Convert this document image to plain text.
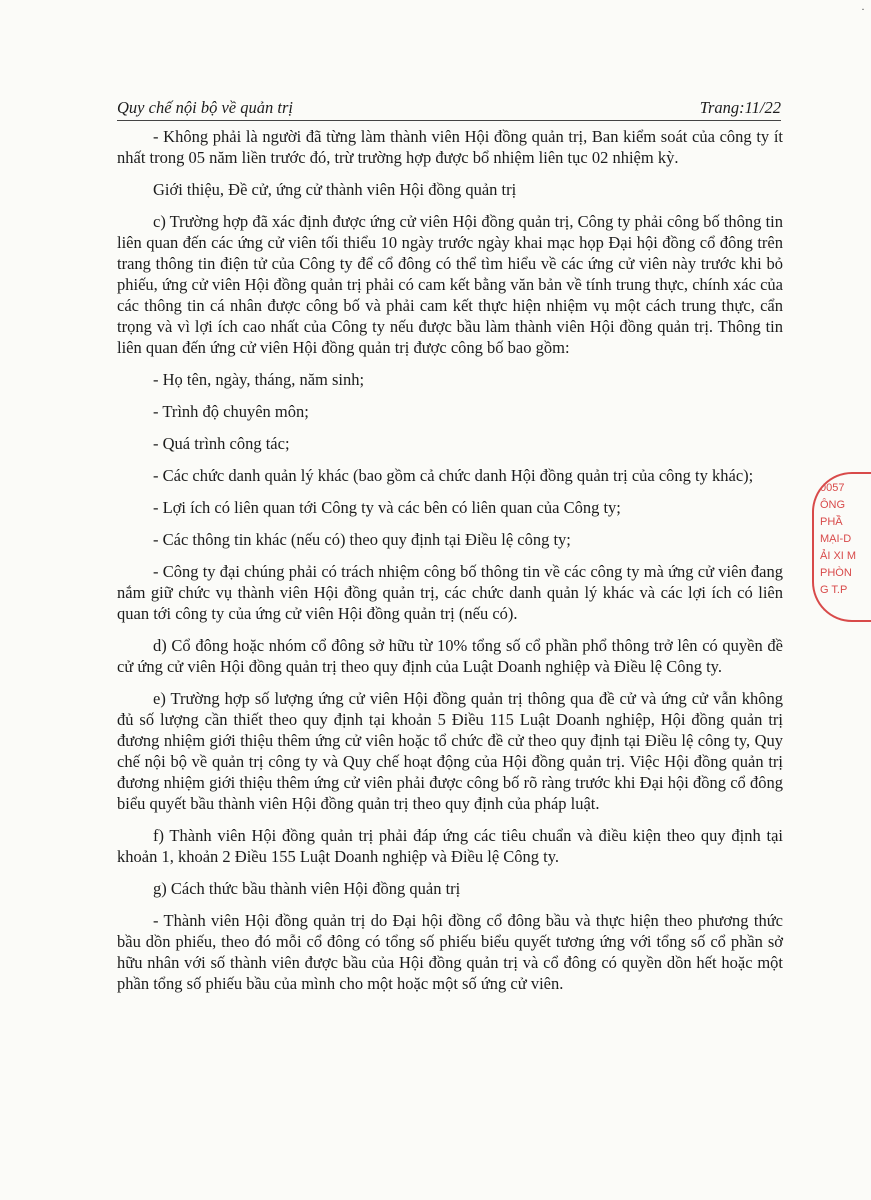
·
Quy chế nội bộ về quản trị	Trang:11/22

- Không phải là người đã từng làm thành viên Hội đồng quản trị, Ban kiểm soát của công ty ít nhất trong 05 năm liền trước đó, trừ trường hợp được bổ nhiệm liên tục 02 nhiệm kỳ.

Giới thiệu, Đề cử, ứng cử thành viên Hội đồng quản trị

c) Trường hợp đã xác định được ứng cử viên Hội đồng quản trị, Công ty phải công bố thông tin liên quan đến các ứng cử viên tối thiểu 10 ngày trước ngày khai mạc họp Đại hội đồng cổ đông trên trang thông tin điện tử của Công ty để cổ đông có thể tìm hiểu về các ứng cử viên này trước khi bỏ phiếu, ứng cử viên Hội đồng quản trị phải có cam kết bằng văn bản về tính trung thực, chính xác của các thông tin cá nhân được công bố và phải cam kết thực hiện nhiệm vụ một cách trung thực, cẩn trọng và vì lợi ích cao nhất của Công ty nếu được bầu làm thành viên Hội đồng quản trị. Thông tin liên quan đến ứng cử viên Hội đồng quản trị được công bố bao gồm:

- Họ tên, ngày, tháng, năm sinh;

- Trình độ chuyên môn;

- Quá trình công tác;

- Các chức danh quản lý khác (bao gồm cả chức danh Hội đồng quản trị của công ty khác);

- Lợi ích có liên quan tới Công ty và các bên có liên quan của Công ty;

- Các thông tin khác (nếu có) theo quy định tại Điều lệ công ty;

- Công ty đại chúng phải có trách nhiệm công bố thông tin về các công ty mà ứng cử viên đang nắm giữ chức vụ thành viên Hội đồng quản trị, các chức danh quản lý khác và các lợi ích có liên quan tới công ty của ứng cử viên Hội đồng quản trị (nếu có).

d) Cổ đông hoặc nhóm cổ đông sở hữu từ 10% tổng số cổ phần phổ thông trở lên có quyền đề cử ứng cử viên Hội đồng quản trị theo quy định của Luật Doanh nghiệp và Điều lệ Công ty.

e) Trường hợp số lượng ứng cử viên Hội đồng quản trị thông qua đề cử và ứng cử vẫn không đủ số lượng cần thiết theo quy định tại khoản 5 Điều 115 Luật Doanh nghiệp, Hội đồng quản trị đương nhiệm giới thiệu thêm ứng cử viên hoặc tổ chức đề cử theo quy định tại Điều lệ công ty, Quy chế nội bộ về quản trị công ty và Quy chế hoạt động của Hội đồng quản trị. Việc Hội đồng quản trị đương nhiệm giới thiệu thêm ứng cử viên phải được công bố rõ ràng trước khi Đại hội đồng cổ đông biểu quyết bầu thành viên Hội đồng quản trị theo quy định của pháp luật.

f) Thành viên Hội đồng quản trị phải đáp ứng các tiêu chuẩn và điều kiện theo quy định tại khoản 1, khoản 2 Điều 155 Luật Doanh nghiệp và Điều lệ Công ty.

g) Cách thức bầu thành viên Hội đồng quản trị

- Thành viên Hội đồng quản trị do Đại hội đồng cổ đông bầu và thực hiện theo phương thức bầu dồn phiếu, theo đó mỗi cổ đông có tổng số phiếu biểu quyết tương ứng với tổng số cổ phần sở hữu nhân với số thành viên được bầu của Hội đồng quản trị và cổ đông có quyền dồn hết hoặc một phần tổng số phiếu bầu của mình cho một hoặc một số ứng cử viên.

0057
ÔNG
PHẦ
MẠI-D
ẢI XI M
PHÒN
G T.P
